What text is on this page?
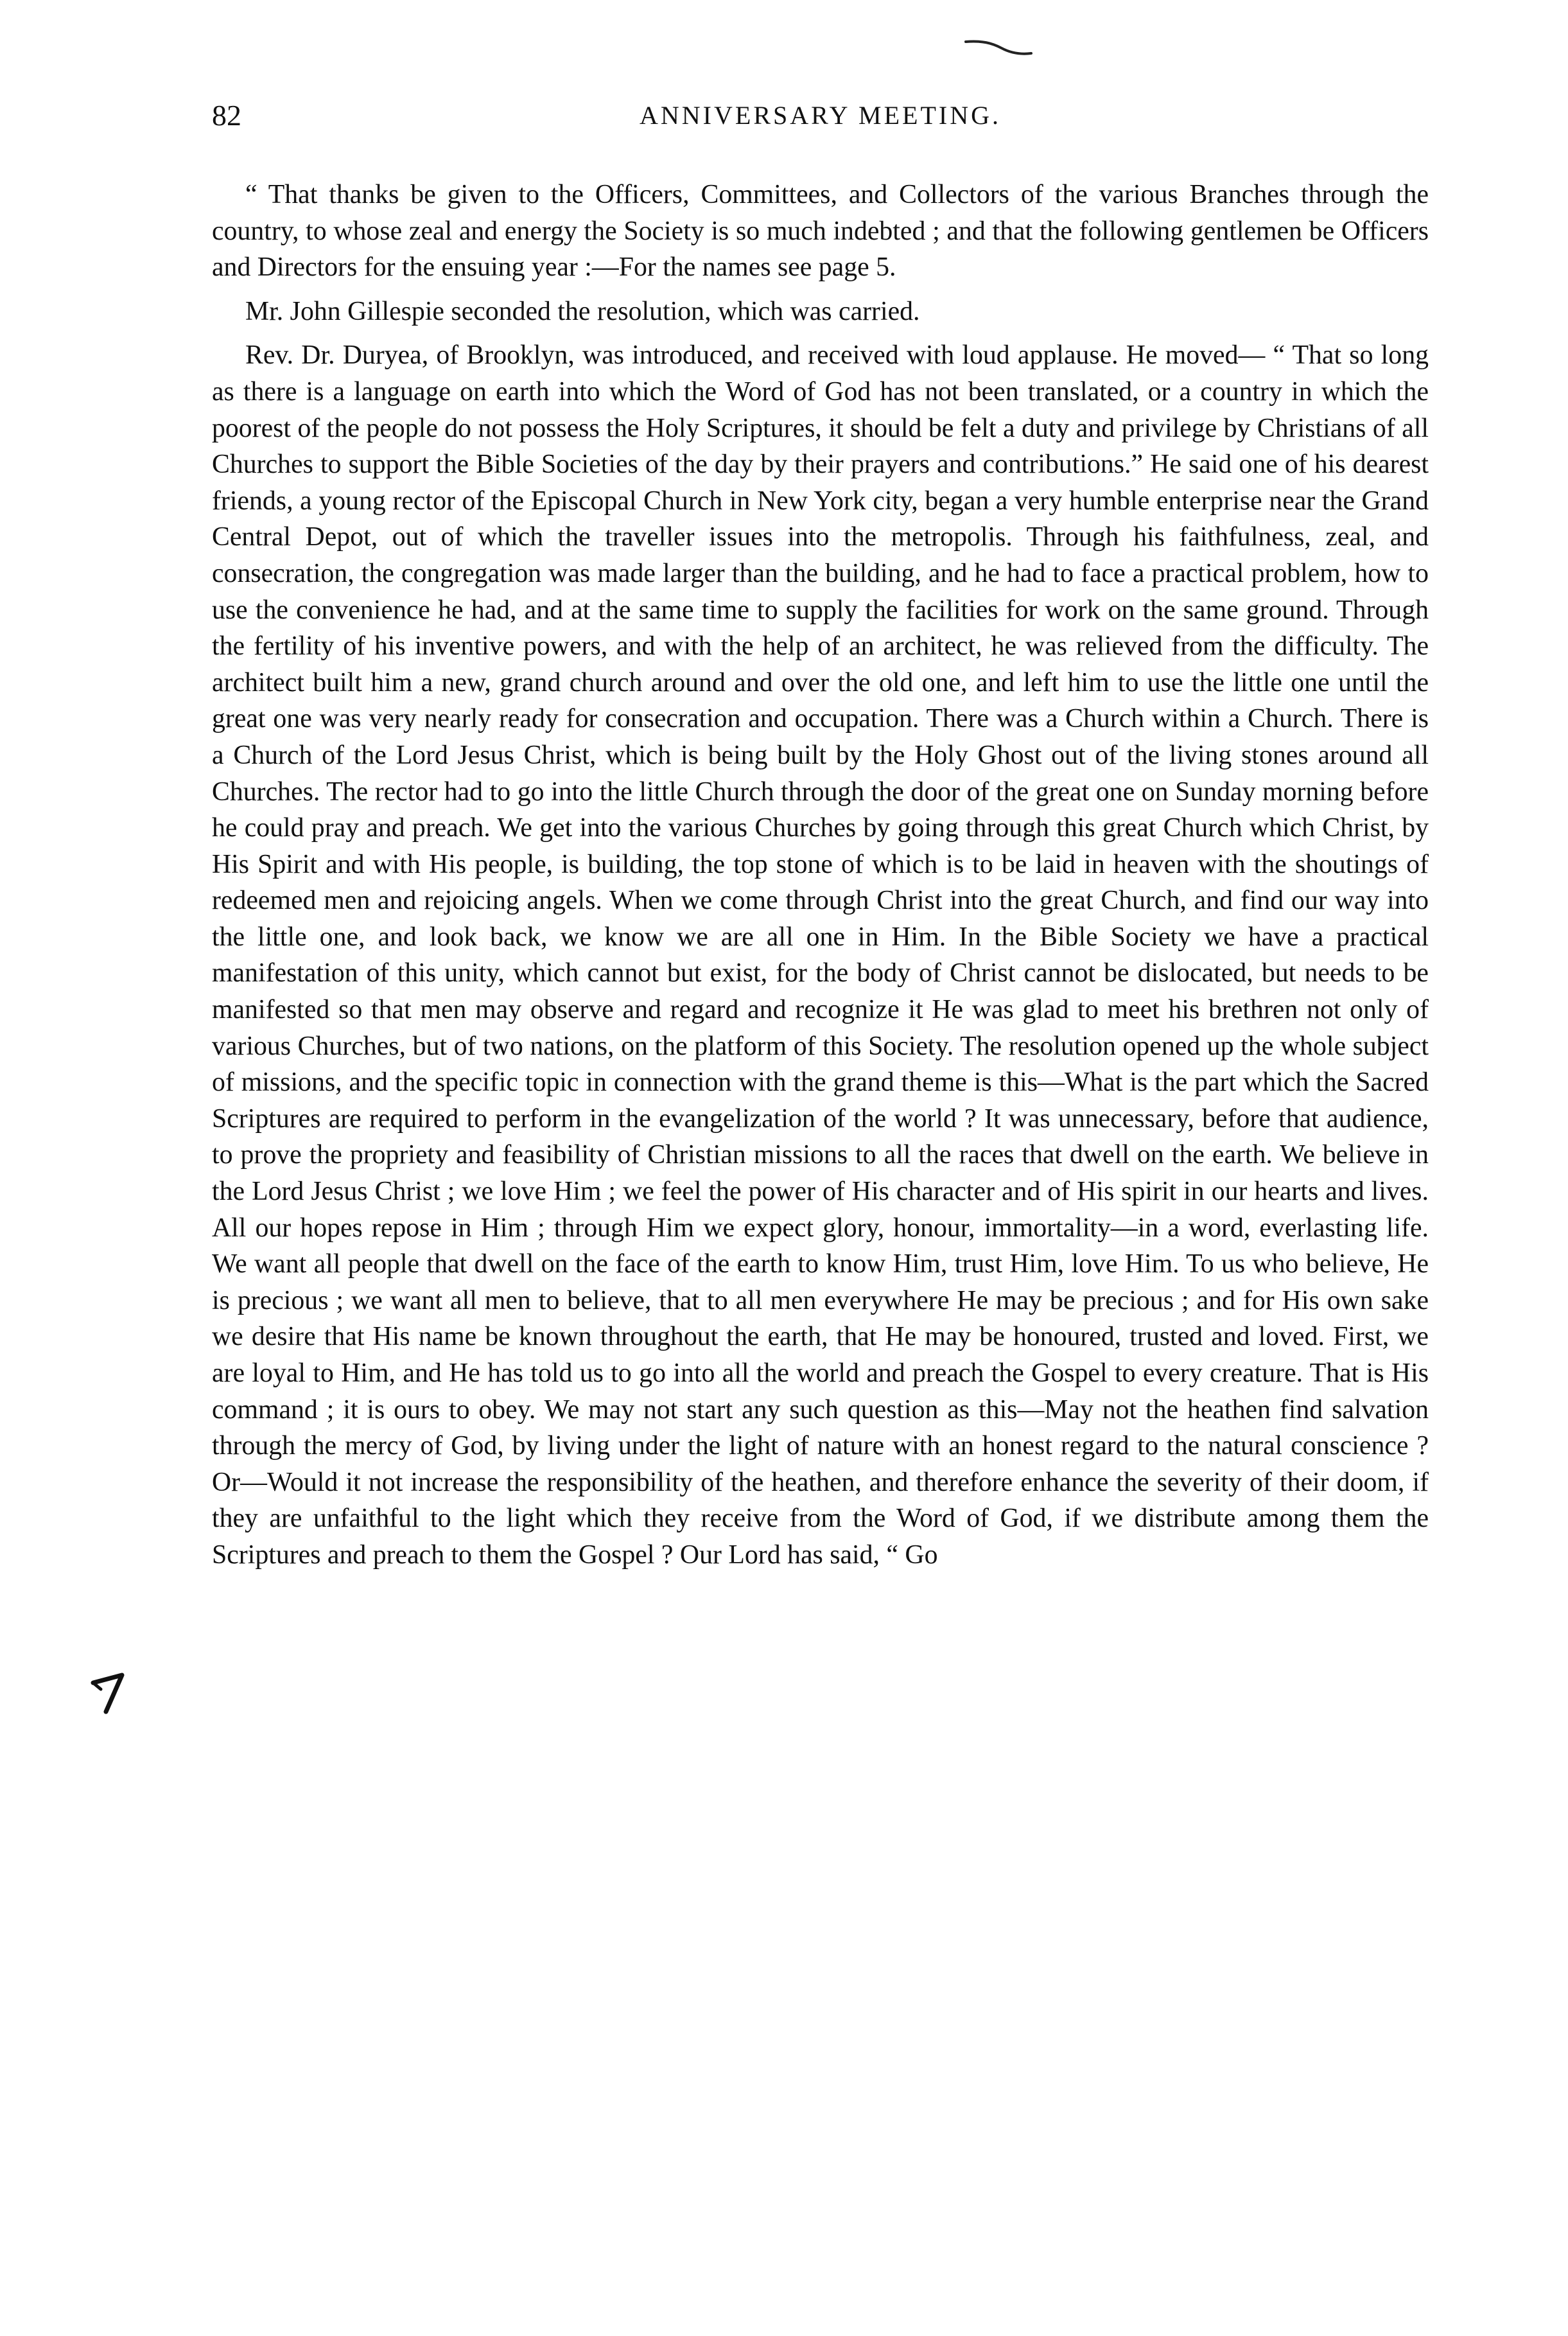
82	ANNIVERSARY MEETING.

“ That thanks be given to the Officers, Committees, and Collectors of the various Branches through the country, to whose zeal and energy the Society is so much indebted ; and that the following gentlemen be Officers and Directors for the ensuing year :—For the names see page 5.

Mr. John Gillespie seconded the resolution, which was carried.

Rev. Dr. Duryea, of Brooklyn, was introduced, and received with loud applause. He moved— “ That so long as there is a language on earth into which the Word of God has not been translated, or a country in which the poorest of the people do not possess the Holy Scriptures, it should be felt a duty and privilege by Christians of all Churches to support the Bible Societies of the day by their prayers and contributions.” He said one of his dearest friends, a young rector of the Episcopal Church in New York city, began a very humble enterprise near the Grand Central Depot, out of which the traveller issues into the metropolis. Through his faithfulness, zeal, and consecration, the congregation was made larger than the building, and he had to face a practical problem, how to use the convenience he had, and at the same time to supply the facilities for work on the same ground. Through the fertility of his inventive powers, and with the help of an architect, he was relieved from the difficulty. The architect built him a new, grand church around and over the old one, and left him to use the little one until the great one was very nearly ready for consecration and occupation. There was a Church within a Church. There is a Church of the Lord Jesus Christ, which is being built by the Holy Ghost out of the living stones around all Churches. The rector had to go into the little Church through the door of the great one on Sunday morning before he could pray and preach. We get into the various Churches by going through this great Church which Christ, by His Spirit and with His people, is building, the top stone of which is to be laid in heaven with the shoutings of redeemed men and rejoicing angels. When we come through Christ into the great Church, and find our way into the little one, and look back, we know we are all one in Him. In the Bible Society we have a practical manifestation of this unity, which cannot but exist, for the body of Christ cannot be dislocated, but needs to be manifested so that men may observe and regard and recognize it He was glad to meet his brethren not only of various Churches, but of two nations, on the platform of this Society. The resolution opened up the whole subject of missions, and the specific topic in connection with the grand theme is this—What is the part which the Sacred Scriptures are required to perform in the evangelization of the world ? It was unnecessary, before that audience, to prove the propriety and feasibility of Christian missions to all the races that dwell on the earth. We believe in the Lord Jesus Christ ; we love Him ; we feel the power of His character and of His spirit in our hearts and lives. All our hopes repose in Him ; through Him we expect glory, honour, immortality—in a word, everlasting life. We want all people that dwell on the face of the earth to know Him, trust Him, love Him. To us who believe, He is precious ; we want all men to believe, that to all men everywhere He may be precious ; and for His own sake we desire that His name be known throughout the earth, that He may be honoured, trusted and loved. First, we are loyal to Him, and He has told us to go into all the world and preach the Gospel to every creature. That is His command ; it is ours to obey. We may not start any such question as this—May not the heathen find salvation through the mercy of God, by living under the light of nature with an honest regard to the natural conscience ? Or—Would it not increase the responsibility of the heathen, and therefore enhance the severity of their doom, if they are unfaithful to the light which they receive from the Word of God, if we distribute among them the Scriptures and preach to them the Gospel ? Our Lord has said, “ Go
